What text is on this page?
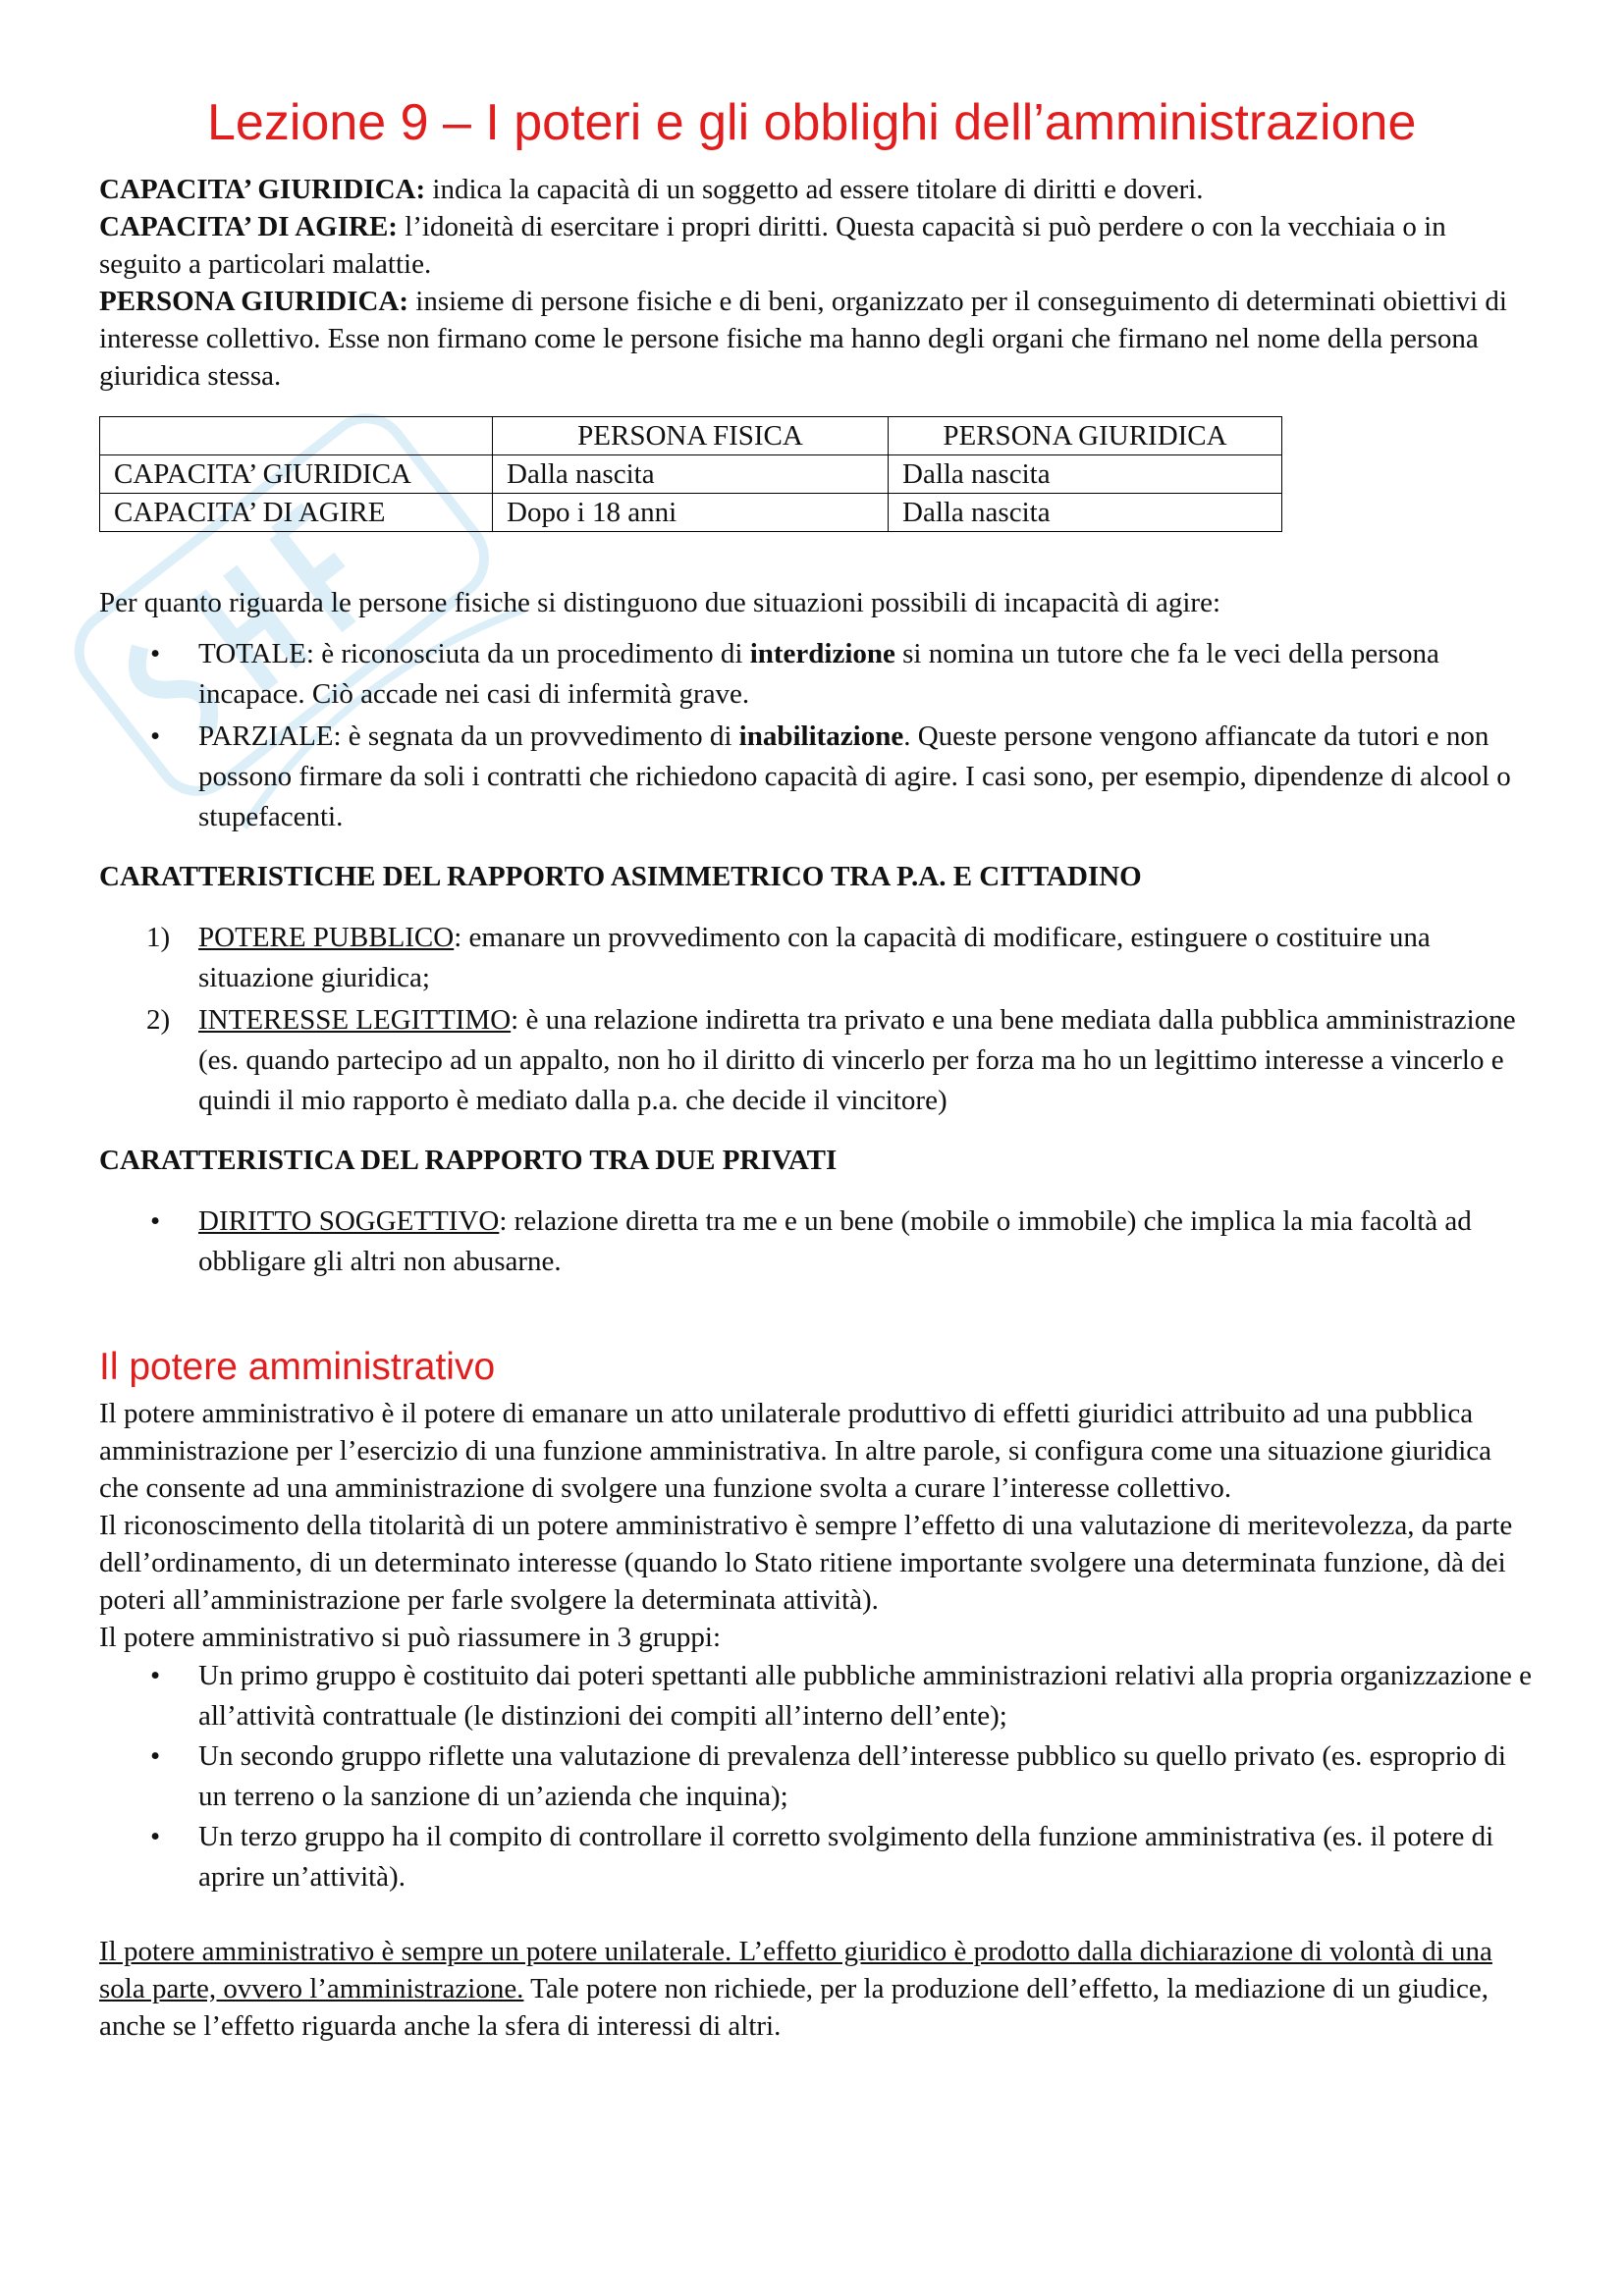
Lezione 9 – I poteri e gli obblighi dell’amministrazione

CAPACITA’ GIURIDICA: indica la capacità di un soggetto ad essere titolare di diritti e doveri.

CAPACITA’ DI AGIRE: l’idoneità di esercitare i propri diritti. Questa capacità si può perdere o con la vecchiaia o in seguito a particolari malattie.

PERSONA GIURIDICA: insieme di persone fisiche e di beni, organizzato per il conseguimento di determinati obiettivi di interesse collettivo. Esse non firmano come le persone fisiche ma hanno degli organi che firmano nel nome della persona giuridica stessa.

	PERSONA FISICA	PERSONA GIURIDICA
CAPACITA’ GIURIDICA	Dalla nascita	Dalla nascita
CAPACITA’ DI AGIRE	Dopo i 18 anni	Dalla nascita

Per quanto riguarda le persone fisiche si distinguono due situazioni possibili di incapacità di agire:

• TOTALE: è riconosciuta da un procedimento di interdizione si nomina un tutore che fa le veci della persona incapace. Ciò accade nei casi di infermità grave.
• PARZIALE: è segnata da un provvedimento di inabilitazione. Queste persone vengono affiancate da tutori e non possono firmare da soli i contratti che richiedono capacità di agire. I casi sono, per esempio, dipendenze di alcool o stupefacenti.

CARATTERISTICHE DEL RAPPORTO ASIMMETRICO TRA P.A. E CITTADINO

1) POTERE PUBBLICO: emanare un provvedimento con la capacità di modificare, estinguere o costituire una situazione giuridica;
2) INTERESSE LEGITTIMO: è una relazione indiretta tra privato e una bene mediata dalla pubblica amministrazione (es. quando partecipo ad un appalto, non ho il diritto di vincerlo per forza ma ho un legittimo interesse a vincerlo e quindi il mio rapporto è mediato dalla p.a. che decide il vincitore)

CARATTERISTICA DEL RAPPORTO TRA DUE PRIVATI

• DIRITTO SOGGETTIVO: relazione diretta tra me e un bene (mobile o immobile) che implica la mia facoltà ad obbligare gli altri non abusarne.
Il potere amministrativo

Il potere amministrativo è il potere di emanare un atto unilaterale produttivo di effetti giuridici attribuito ad una pubblica amministrazione per l’esercizio di una funzione amministrativa. In altre parole, si configura come una situazione giuridica che consente ad una amministrazione di svolgere una funzione svolta a curare l’interesse collettivo.

Il riconoscimento della titolarità di un potere amministrativo è sempre l’effetto di una valutazione di meritevolezza, da parte dell’ordinamento, di un determinato interesse (quando lo Stato ritiene importante svolgere una determinata funzione, dà dei poteri all’amministrazione per farle svolgere la determinata attività).

Il potere amministrativo si può riassumere in 3 gruppi:

• Un primo gruppo è costituito dai poteri spettanti alle pubbliche amministrazioni relativi alla propria organizzazione e all’attività contrattuale (le distinzioni dei compiti all’interno dell’ente);
• Un secondo gruppo riflette una valutazione di prevalenza dell’interesse pubblico su quello privato (es. esproprio di un terreno o la sanzione di un’azienda che inquina);
• Un terzo gruppo ha il compito di controllare il corretto svolgimento della funzione amministrativa (es. il potere di aprire un’attività).

Il potere amministrativo è sempre un potere unilaterale. L’effetto giuridico è prodotto dalla dichiarazione di volontà di una sola parte, ovvero l’amministrazione. Tale potere non richiede, per la produzione dell’effetto, la mediazione di un giudice, anche se l’effetto riguarda anche la sfera di interessi di altri.
